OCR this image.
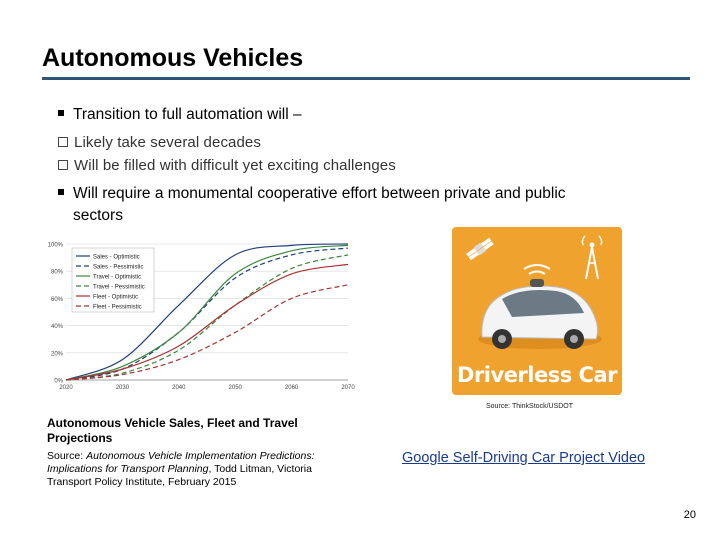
Autonomous Vehicles
Transition to full automation will –
Likely take several decades
Will be filled with difficult yet exciting challenges
Will require a monumental cooperative effort between private and public
sectors
0%
20%
40%
60%
80%
100%
2020	2030	2040	2050	2060	2070
Sales - Optimistic
Sales - Pessimistic
Travel - Optimistic
Travel - Pessimistic
Fleet - Optimistic
Fleet - Pessimistic
Autonomous Vehicle Sales, Fleet and Travel Projections
Source: Autonomous Vehicle Implementation Predictions: Implications for Transport Planning, Todd Litman, Victoria Transport Policy Institute, February 2015
Driverless Car
Source: ThinkStock/USDOT
Google Self-Driving Car Project Video
20
